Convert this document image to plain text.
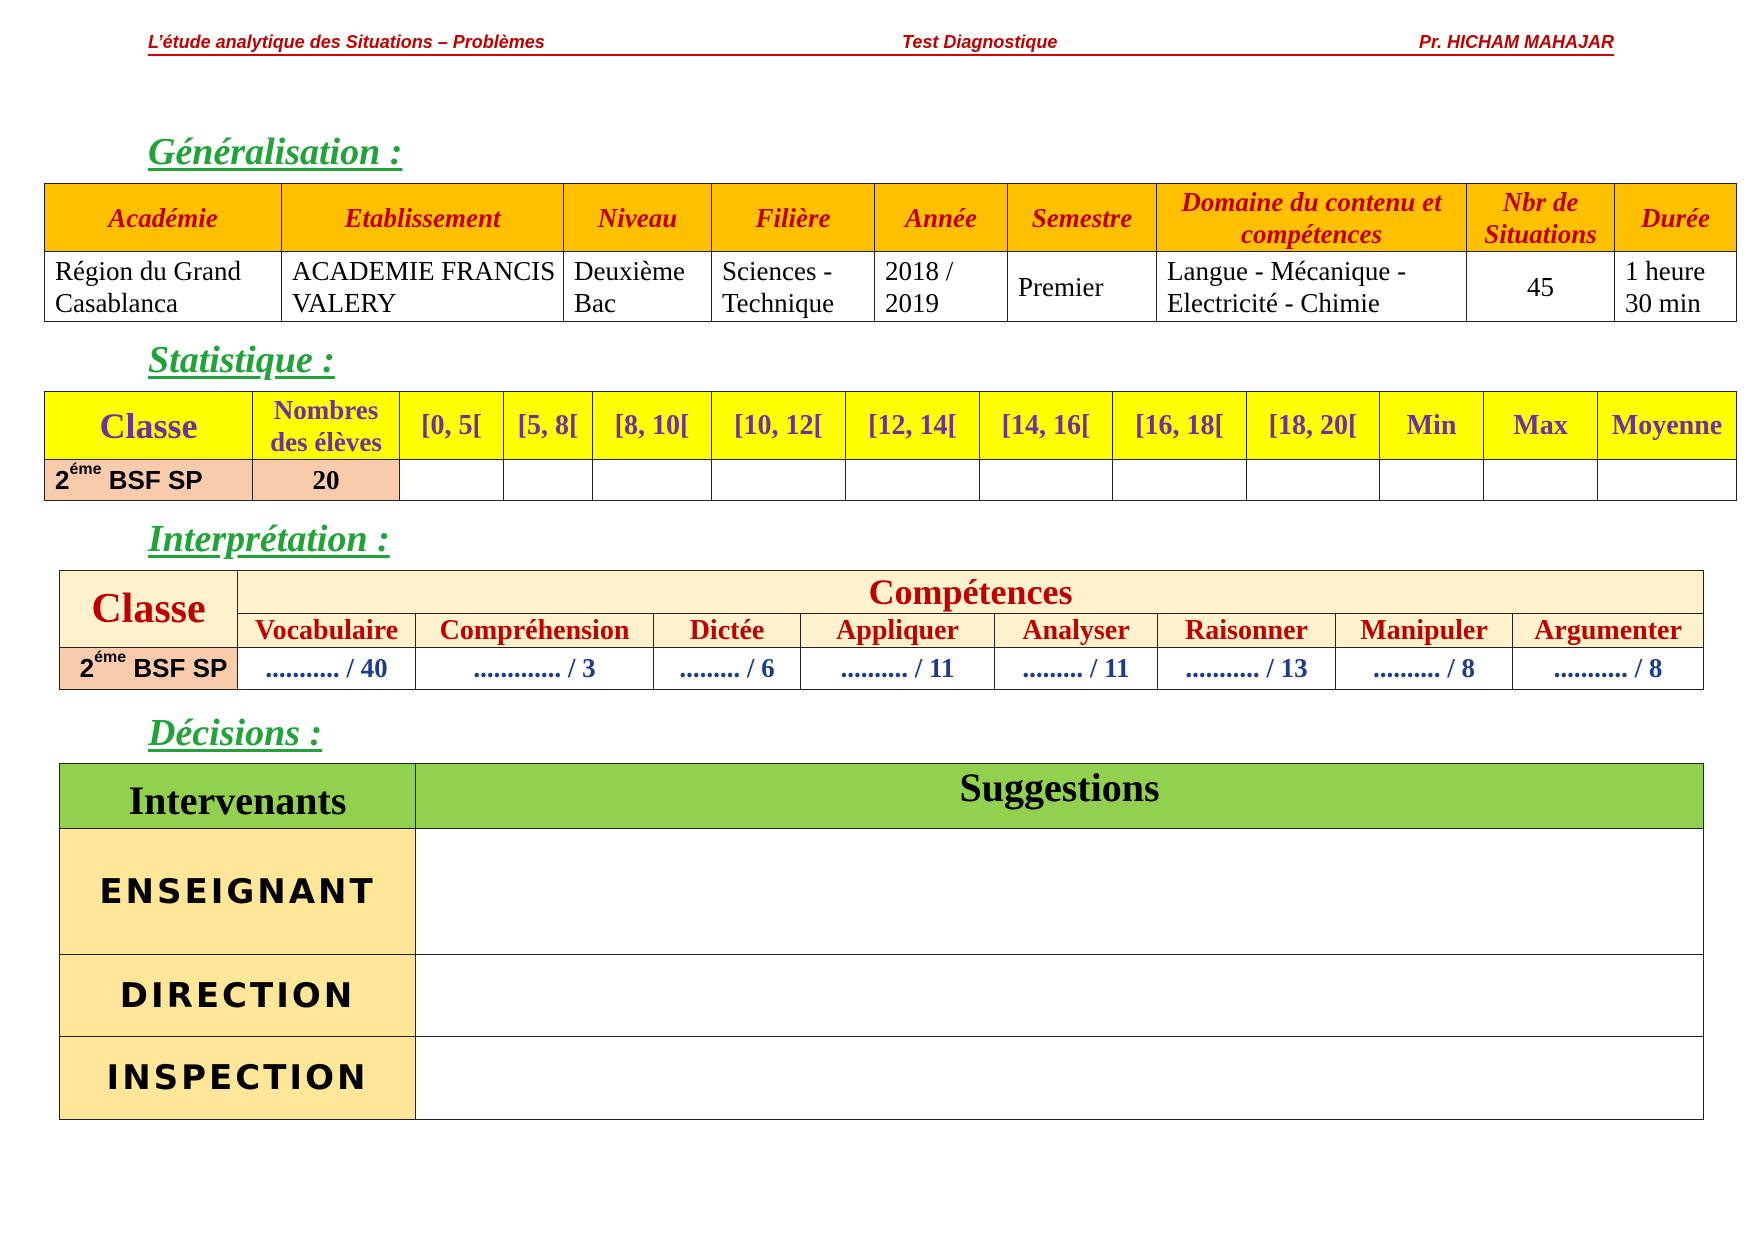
L’étude analytique des Situations – Problèmes	Test Diagnostique	Pr. HICHAM MAHAJAR
Généralisation :
Académie	Etablissement	Niveau	Filière	Année	Semestre	Domaine du contenu et compétences	Nbr de Situations	Durée
Région du Grand Casablanca	ACADEMIE FRANCIS VALERY	Deuxième Bac	Sciences - Technique	2018 / 2019	Premier	Langue - Mécanique - Electricité - Chimie	45	1 heure 30 min
Statistique :
Classe	Nombres des élèves	[0, 5[	[5, 8[	[8, 10[	[10, 12[	[12, 14[	[14, 16[	[16, 18[	[18, 20[	Min	Max	Moyenne
$2^{éme}$ BSF SP	20											
Interprétation :
Classe	Compétences							
	Vocabulaire	Compréhension	Dictée	Appliquer	Analyser	Raisonner	Manipuler	Argumenter
$2^{éme}$ BSF SP	........... / 40	............. / 3	......... / 6	.......... / 11	......... / 11	........... / 13	.......... / 8	........... / 8
Décisions :
Intervenants	Suggestions
ENSEIGNANT	
DIRECTION	
INSPECTION	
